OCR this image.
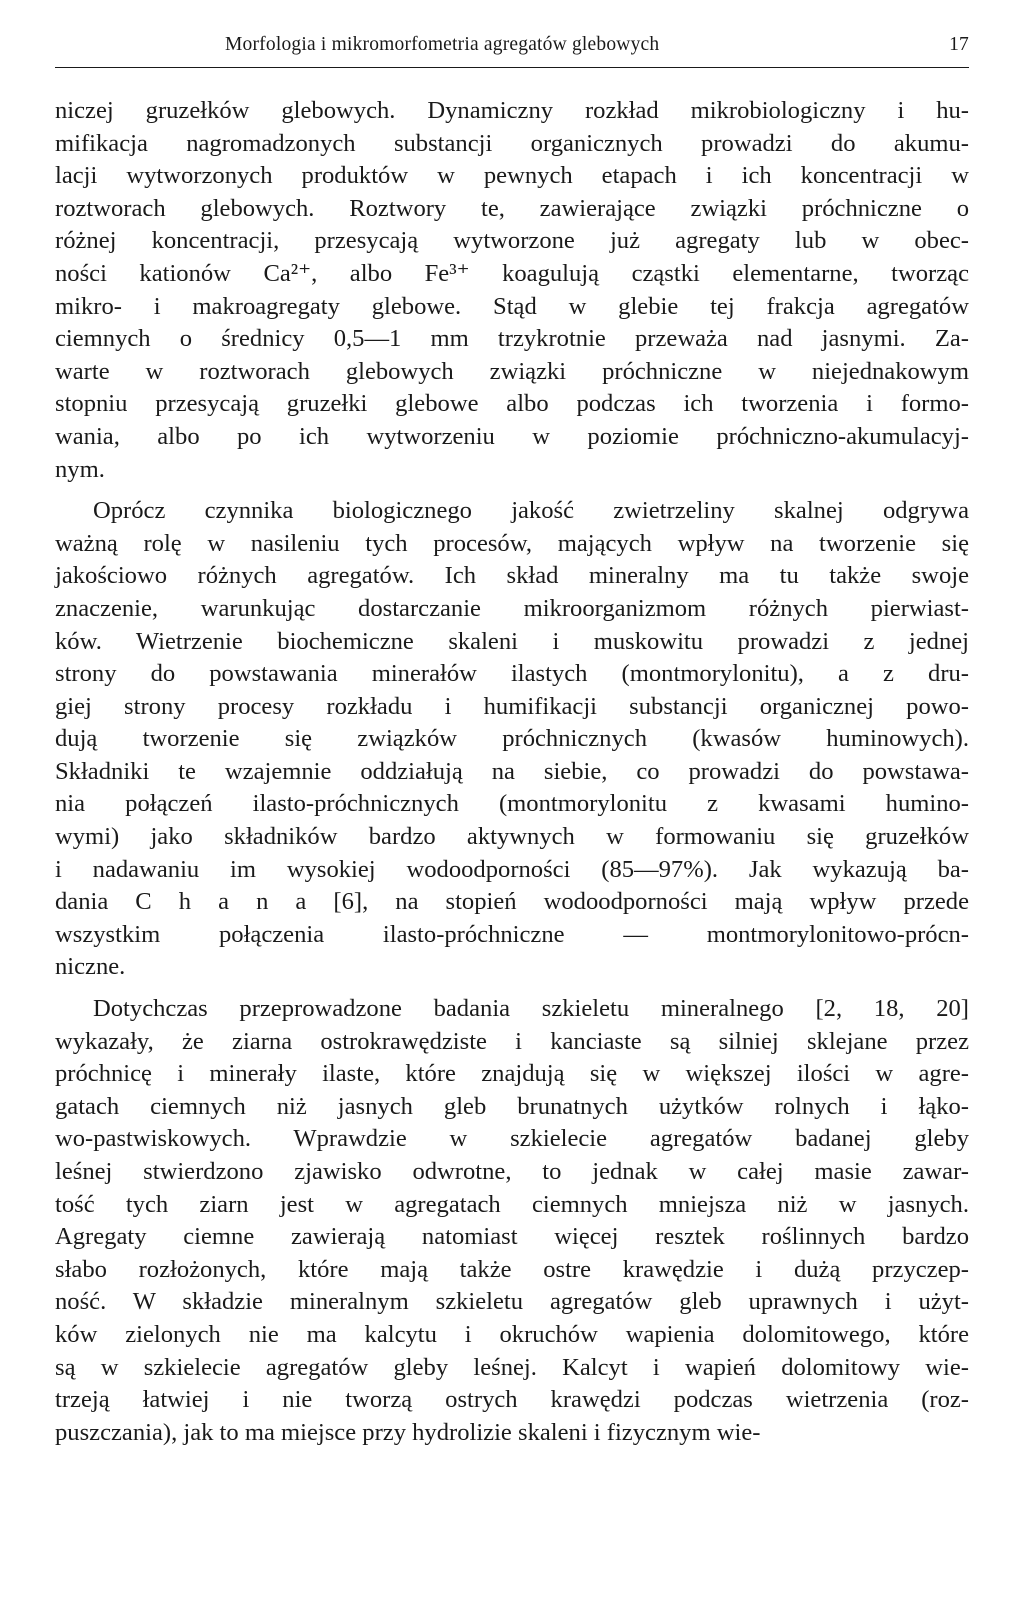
Morfologia i mikromorfometria agregatów glebowych	17
niczej gruzełków glebowych. Dynamiczny rozkład mikrobiologiczny i hu-
mifikacja nagromadzonych substancji organicznych prowadzi do akumu-
lacji wytworzonych produktów w pewnych etapach i ich koncentracji w
roztworach glebowych. Roztwory te, zawierające związki próchniczne o
różnej koncentracji, przesycają wytworzone już agregaty lub w obec-
ności kationów Ca²⁺, albo Fe³⁺ koagulują cząstki elementarne, tworząc
mikro- i makroagregaty glebowe. Stąd w glebie tej frakcja agregatów
ciemnych o średnicy 0,5—1 mm trzykrotnie przeważa nad jasnymi. Za-
warte w roztworach glebowych związki próchniczne w niejednakowym
stopniu przesycają gruzełki glebowe albo podczas ich tworzenia i formo-
wania, albo po ich wytworzeniu w poziomie próchniczno-akumulacyj-
nym.
Oprócz czynnika biologicznego jakość zwietrzeliny skalnej odgrywa
ważną rolę w nasileniu tych procesów, mających wpływ na tworzenie się
jakościowo różnych agregatów. Ich skład mineralny ma tu także swoje
znaczenie, warunkując dostarczanie mikroorganizmom różnych pierwiast-
ków. Wietrzenie biochemiczne skaleni i muskowitu prowadzi z jednej
strony do powstawania minerałów ilastych (montmorylonitu), a z dru-
giej strony procesy rozkładu i humifikacji substancji organicznej powo-
dują tworzenie się związków próchnicznych (kwasów huminowych).
Składniki te wzajemnie oddziałują na siebie, co prowadzi do powstawa-
nia połączeń ilasto-próchnicznych (montmorylonitu z kwasami humino-
wymi) jako składników bardzo aktywnych w formowaniu się gruzełków
i nadawaniu im wysokiej wodoodporności (85—97%). Jak wykazują ba-
dania C h a n a [6], na stopień wodoodporności mają wpływ przede
wszystkim połączenia ilasto-próchniczne — montmorylonitowo-prócn-
niczne.
Dotychczas przeprowadzone badania szkieletu mineralnego [2, 18, 20]
wykazały, że ziarna ostrokrawędziste i kanciaste są silniej sklejane przez
próchnicę i minerały ilaste, które znajdują się w większej ilości w agre-
gatach ciemnych niż jasnych gleb brunatnych użytków rolnych i łąko-
wo-pastwiskowych. Wprawdzie w szkielecie agregatów badanej gleby
leśnej stwierdzono zjawisko odwrotne, to jednak w całej masie zawar-
tość tych ziarn jest w agregatach ciemnych mniejsza niż w jasnych.
Agregaty ciemne zawierają natomiast więcej resztek roślinnych bardzo
słabo rozłożonych, które mają także ostre krawędzie i dużą przyczep-
ność. W składzie mineralnym szkieletu agregatów gleb uprawnych i użyt-
ków zielonych nie ma kalcytu i okruchów wapienia dolomitowego, które
są w szkielecie agregatów gleby leśnej. Kalcyt i wapień dolomitowy wie-
trzeją łatwiej i nie tworzą ostrych krawędzi podczas wietrzenia (roz-
puszczania), jak to ma miejsce przy hydrolizie skaleni i fizycznym wie-
